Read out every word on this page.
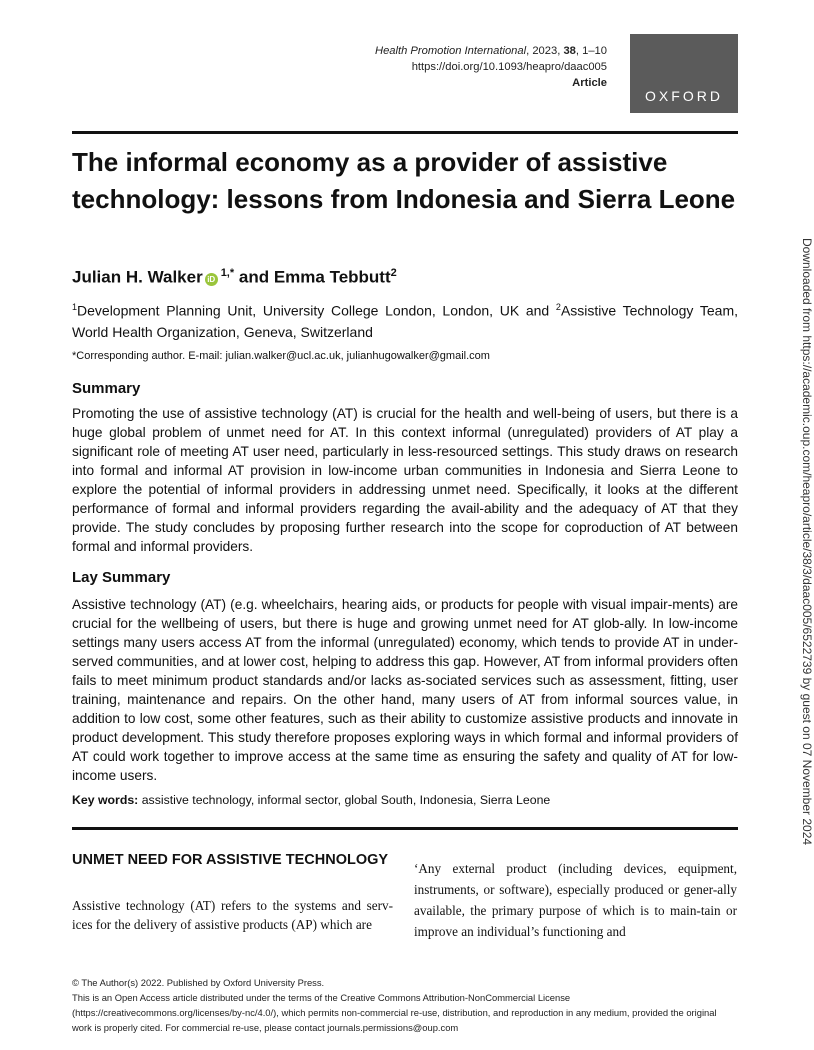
Health Promotion International, 2023, 38, 1–10
https://doi.org/10.1093/heapro/daac005
Article
OXFORD
The informal economy as a provider of assistive technology: lessons from Indonesia and Sierra Leone
Julian H. Walker $iD^{1,*}$ and Emma Tebbutt$^2$
$^1$Development Planning Unit, University College London, London, UK and $^2$Assistive Technology Team, World Health Organization, Geneva, Switzerland
*Corresponding author. E-mail: julian.walker@ucl.ac.uk, julianhugowalker@gmail.com
Summary

Promoting the use of assistive technology (AT) is crucial for the health and well-being of users, but there is a huge global problem of unmet need for AT. In this context informal (unregulated) providers of AT play a significant role of meeting AT user need, particularly in less-resourced settings. This study draws on research into formal and informal AT provision in low-income urban communities in Indonesia and Sierra Leone to explore the potential of informal providers in addressing unmet need. Specifically, it looks at the different performance of formal and informal providers regarding the avail-ability and the adequacy of AT that they provide. The study concludes by proposing further research into the scope for coproduction of AT between formal and informal providers.

Lay Summary

Assistive technology (AT) (e.g. wheelchairs, hearing aids, or products for people with visual impair-ments) are crucial for the wellbeing of users, but there is huge and growing unmet need for AT glob-ally. In low-income settings many users access AT from the informal (unregulated) economy, which tends to provide AT in under-served communities, and at lower cost, helping to address this gap. However, AT from informal providers often fails to meet minimum product standards and/or lacks as-sociated services such as assessment, fitting, user training, maintenance and repairs. On the other hand, many users of AT from informal sources value, in addition to low cost, some other features, such as their ability to customize assistive products and innovate in product development. This study therefore proposes exploring ways in which formal and informal providers of AT could work together to improve access at the same time as ensuring the safety and quality of AT for low-income users.

Key words: assistive technology, informal sector, global South, Indonesia, Sierra Leone
UNMET NEED FOR ASSISTIVE TECHNOLOGY

Assistive technology (AT) refers to the systems and serv-ices for the delivery of assistive products (AP) which are

‘Any external product (including devices, equipment, instruments, or software), especially produced or gener-ally available, the primary purpose of which is to main-tain or improve an individual’s functioning and

© The Author(s) 2022. Published by Oxford University Press.

This is an Open Access article distributed under the terms of the Creative Commons Attribution-NonCommercial License (https://creativecommons.org/licenses/by-nc/4.0/), which permits non-commercial re-use, distribution, and reproduction in any medium, provided the original work is properly cited. For commercial re-use, please contact journals.permissions@oup.com

Downloaded from https://academic.oup.com/heapro/article/38/3/daac005/6522739 by guest on 07 November 2024
